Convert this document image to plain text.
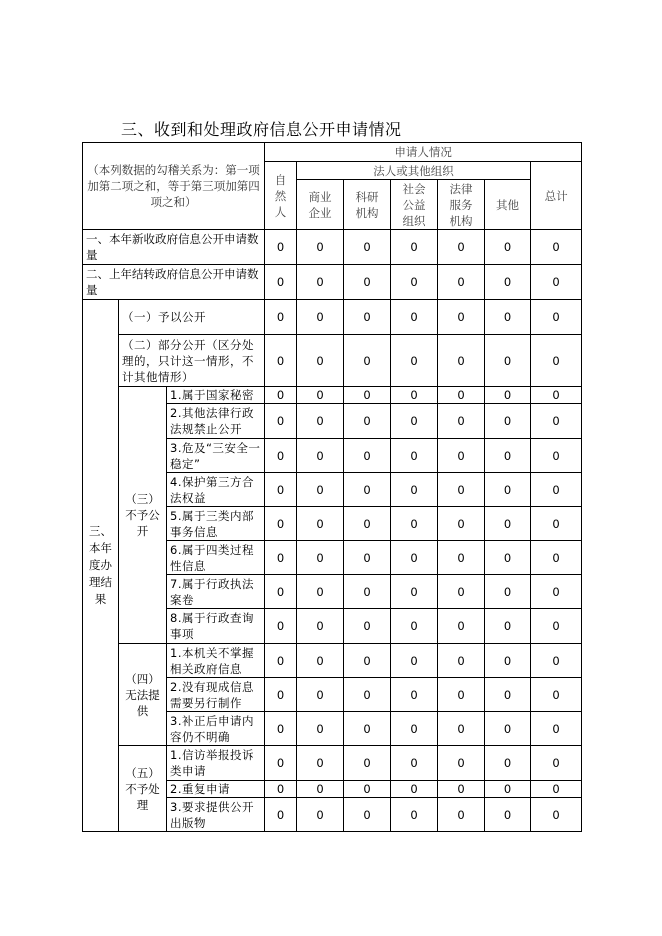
三、收到和处理政府信息公开申请情况
（本列数据的勾稽关系为：第一项加第二项之和，等于第三项加第四项之和）			申请人情况						
			自然人	法人或其他组织					总计
				商业企业	科研机构	社会公益组织	法律服务机构	其他	
一、本年新收政府信息公开申请数量			0	0	0	0	0	0	0
二、上年结转政府信息公开申请数量			0	0	0	0	0	0	0
三、本年度办理结果	（一）予以公开		0	0	0	0	0	0	0
	（二）部分公开（区分处理的，只计这一情形，不计其他情形）		0	0	0	0	0	0	0
	（三）不予公开	1.属于国家秘密	0	0	0	0	0	0	0
		2.其他法律行政法规禁止公开	0	0	0	0	0	0	0
		3.危及“三安全一稳定”	0	0	0	0	0	0	0
		4.保护第三方合法权益	0	0	0	0	0	0	0
		5.属于三类内部事务信息	0	0	0	0	0	0	0
		6.属于四类过程性信息	0	0	0	0	0	0	0
		7.属于行政执法案卷	0	0	0	0	0	0	0
		8.属于行政查询事项	0	0	0	0	0	0	0
	（四）无法提供	1.本机关不掌握相关政府信息	0	0	0	0	0	0	0
		2.没有现成信息需要另行制作	0	0	0	0	0	0	0
		3.补正后申请内容仍不明确	0	0	0	0	0	0	0
	（五）不予处理	1.信访举报投诉类申请	0	0	0	0	0	0	0
		2.重复申请	0	0	0	0	0	0	0
		3.要求提供公开出版物	0	0	0	0	0	0	0
